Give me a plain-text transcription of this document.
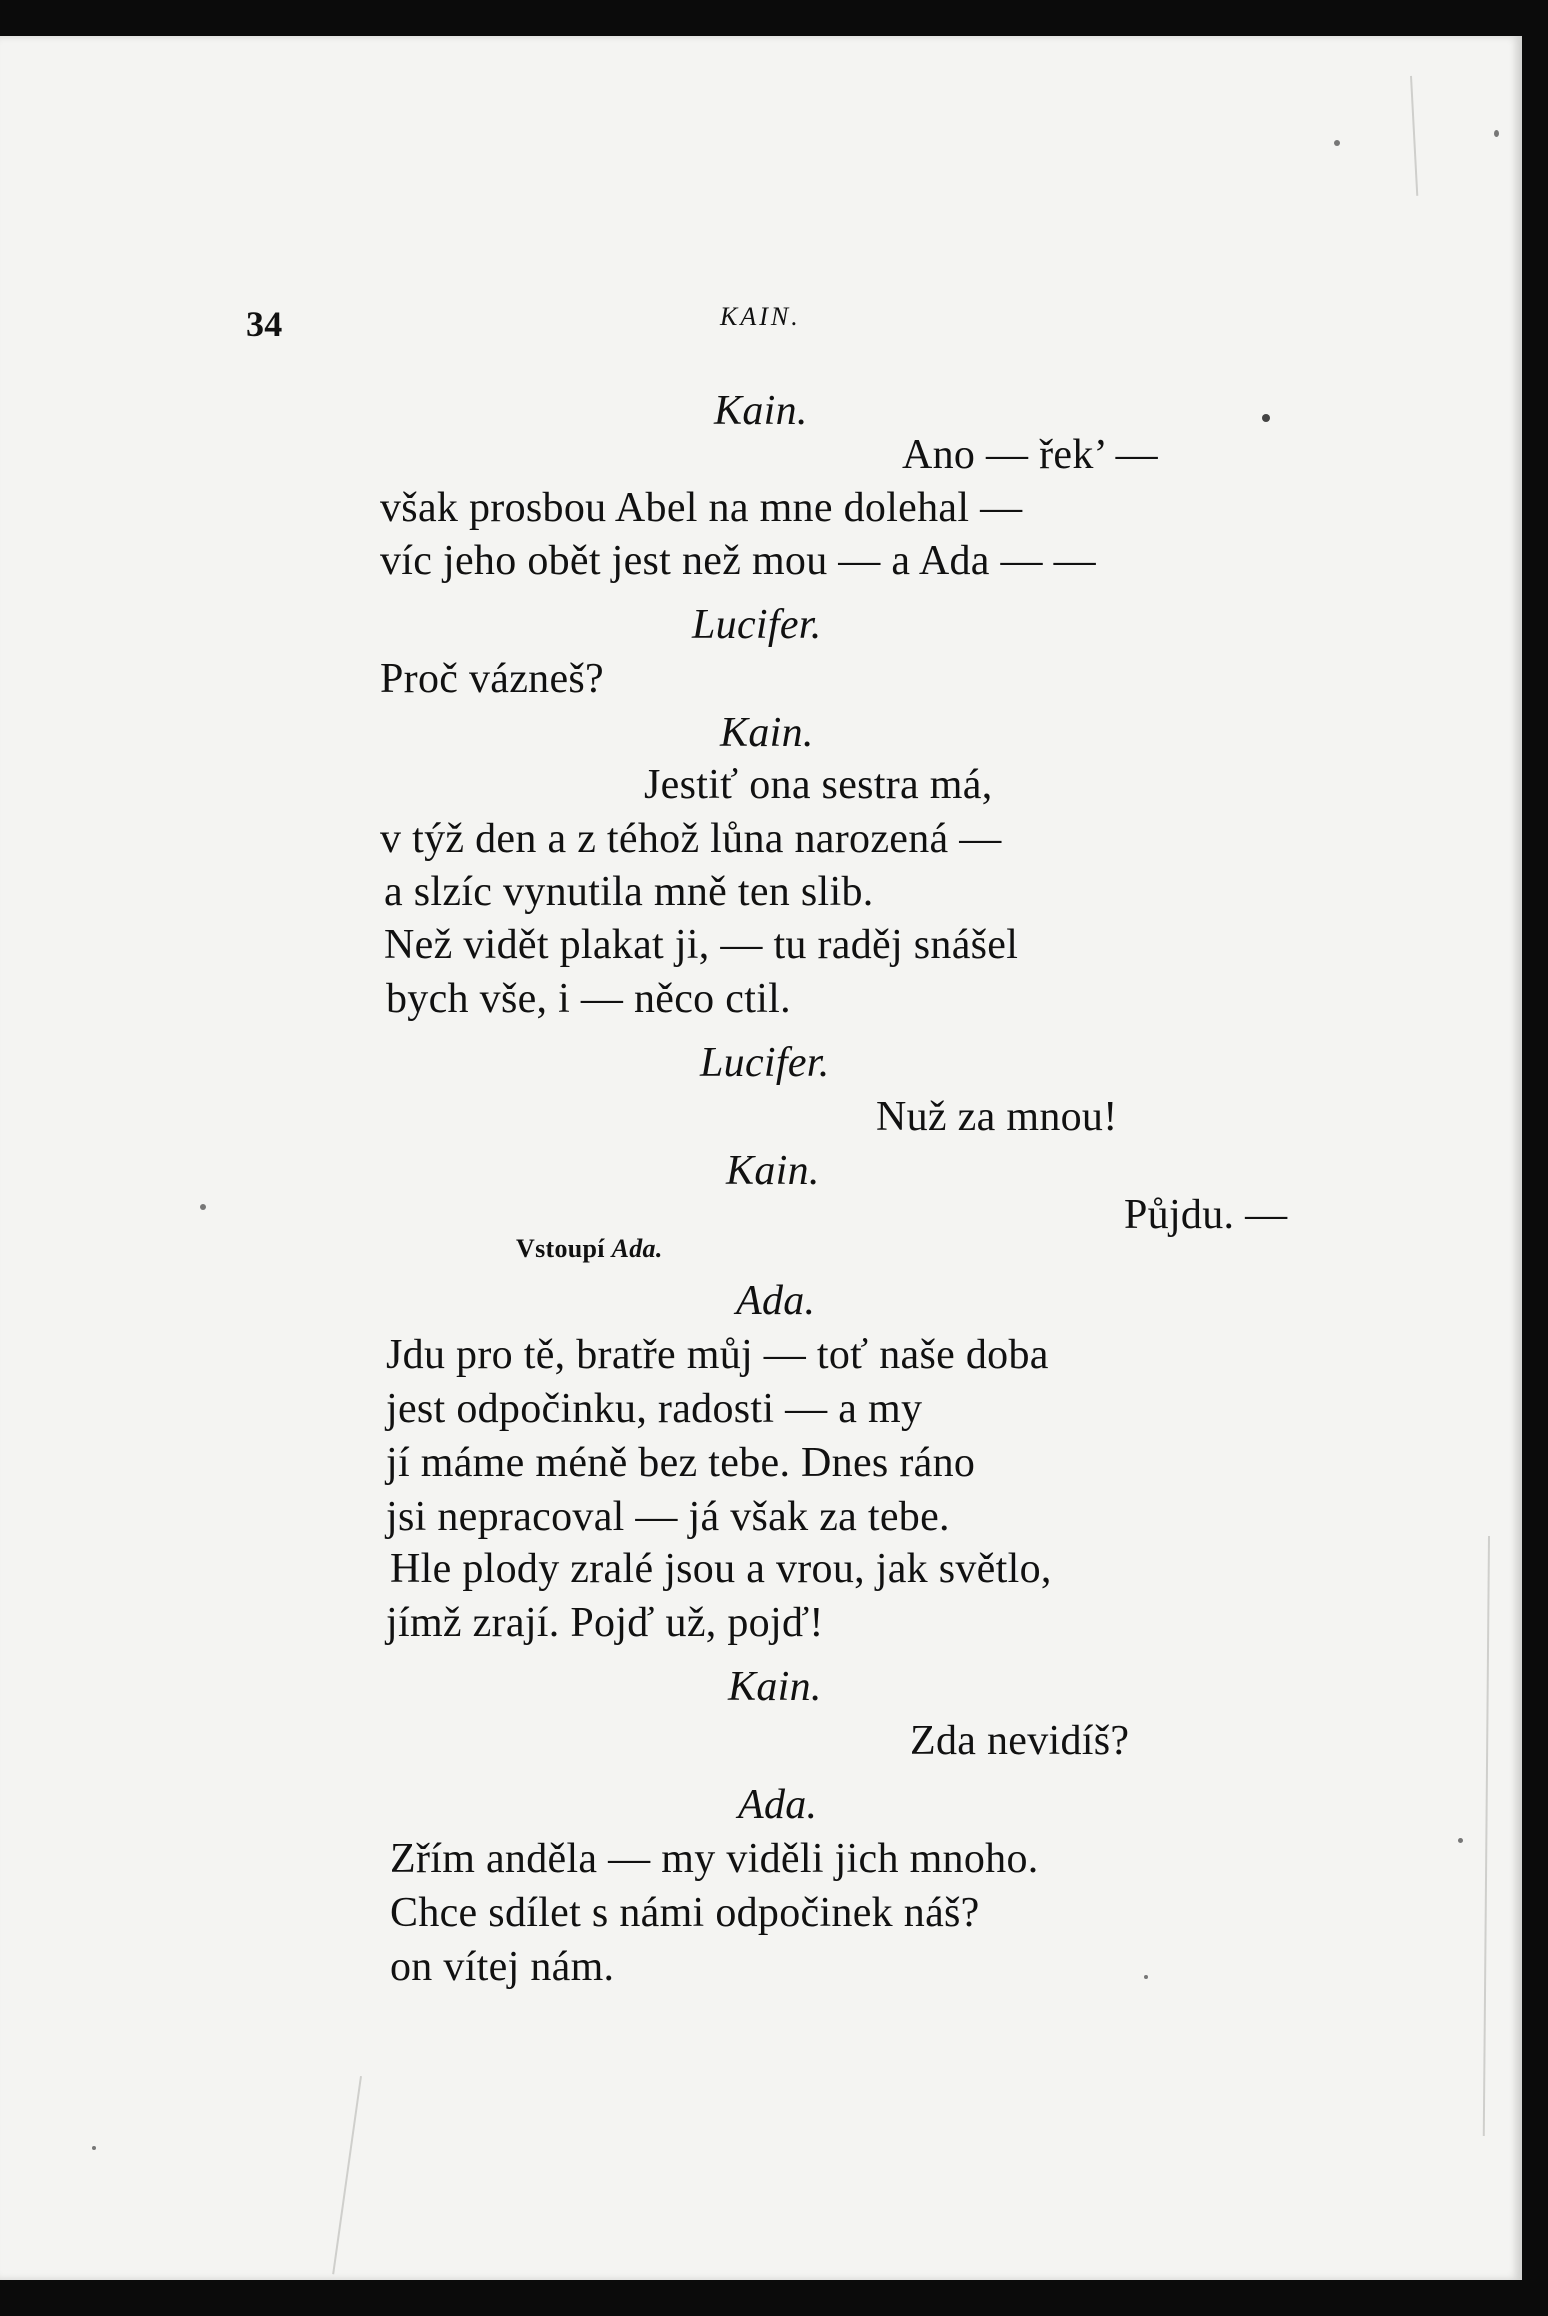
34	KAIN.
Kain.
Ano — řek’ —
však prosbou Abel na mne dolehal —
víc jeho obět jest než mou — a Ada — —
Lucifer.
Proč vázneš?
Kain.
Jestiť ona sestra má,
v týž den a z téhož lůna narozená —
a slzíc vynutila mně ten slib.
Než vidět plakat ji, — tu raděj snášel
bych vše, i — něco ctil.
Lucifer.
Nuž za mnou!
Kain.
Půjdu. —
Vstoupí Ada.
Ada.
Jdu pro tě, bratře můj — toť naše doba
jest odpočinku, radosti — a my
jí máme méně bez tebe. Dnes ráno
jsi nepracoval — já však za tebe.
Hle plody zralé jsou a vrou, jak světlo,
jímž zrají. Pojď už, pojď!
Kain.
Zda nevidíš?
Ada.
Zřím anděla — my viděli jich mnoho.
Chce sdílet s námi odpočinek náš?
on vítej nám.
